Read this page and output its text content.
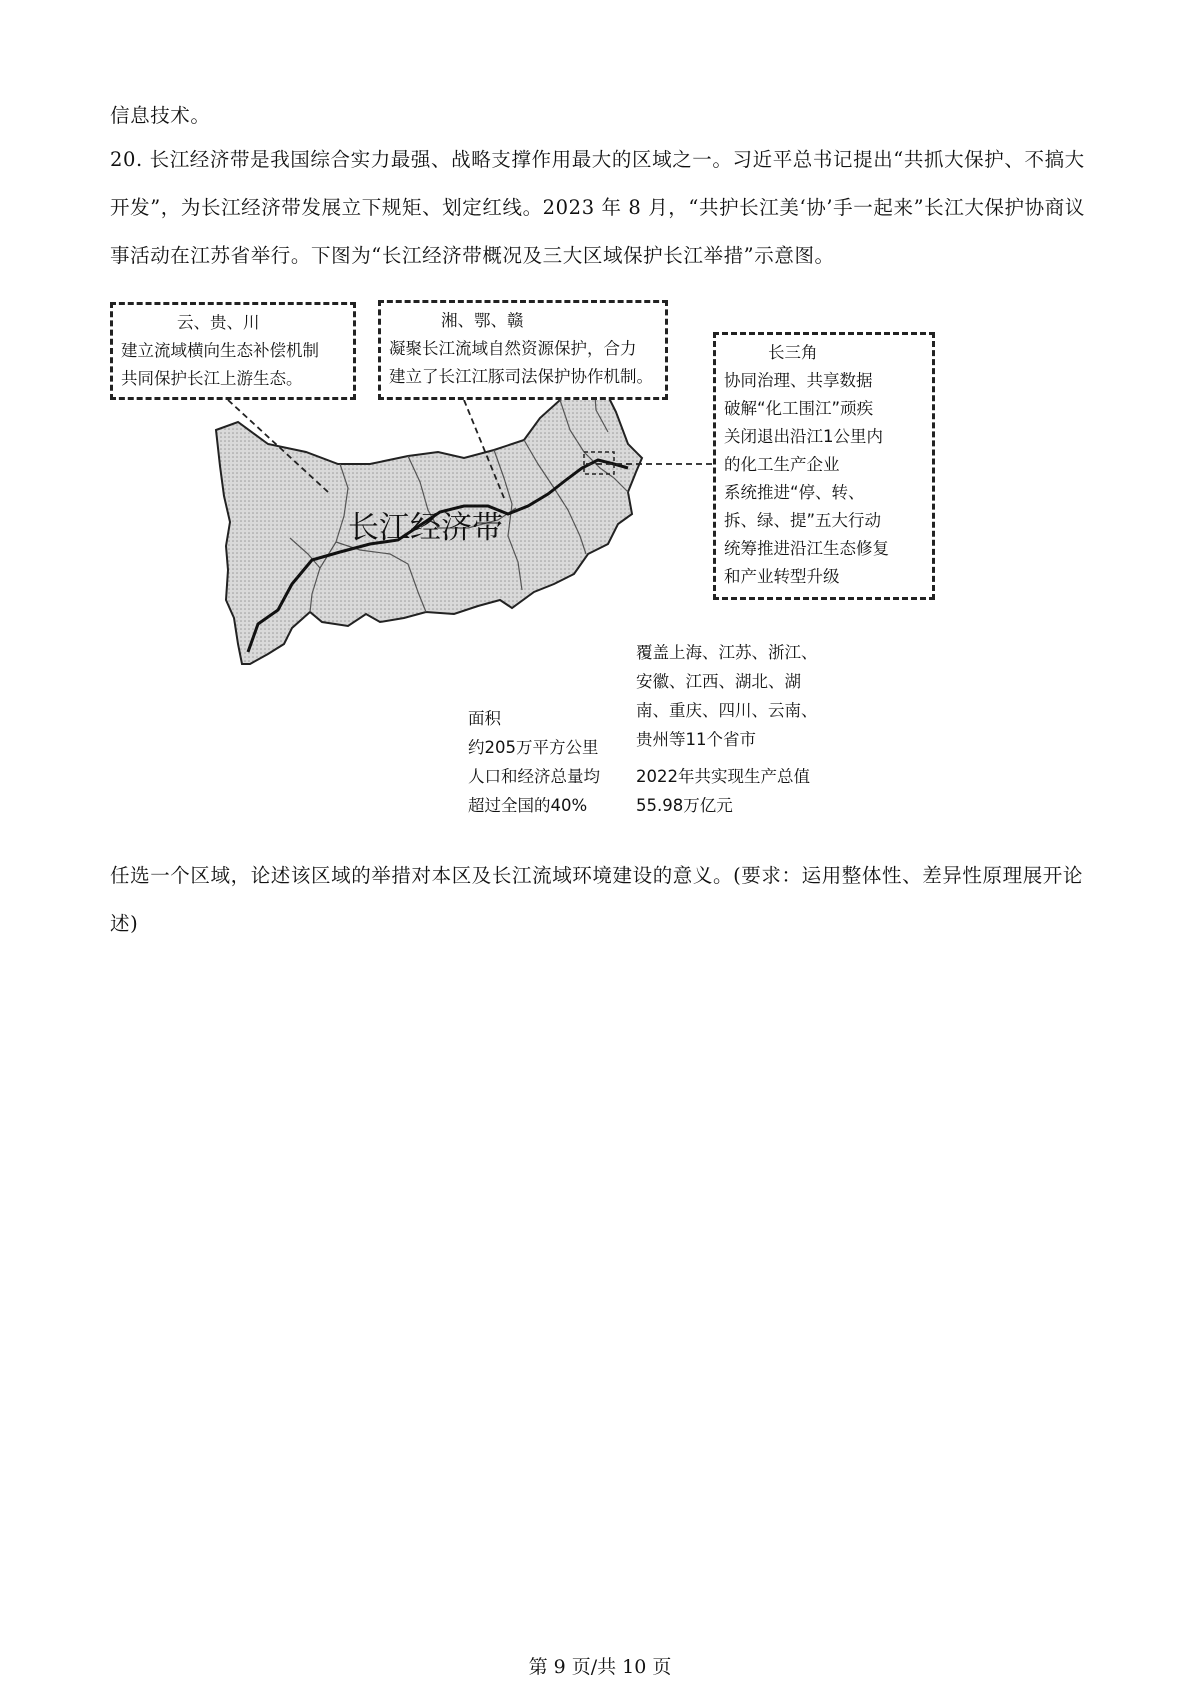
信息技术。
20. 长江经济带是我国综合实力最强、战略支撑作用最大的区域之一。习近平总书记提出“共抓大保护、不搞大开发”，为长江经济带发展立下规矩、划定红线。2023 年 8 月，“共护长江美‘协’手一起来”长江大保护协商议事活动在江苏省举行。下图为“长江经济带概况及三大区域保护长江举措”示意图。
长江经济带
云、贵、川
建立流域横向生态补偿机制
共同保护长江上游生态。
湘、鄂、赣
凝聚长江流域自然资源保护，合力
建立了长江江豚司法保护协作机制。
长三角
协同治理、共享数据
破解“化工围江”顽疾
关闭退出沿江1公里内
的化工生产企业
系统推进“停、转、
拆、绿、提”五大行动
统筹推进沿江生态修复
和产业转型升级
覆盖上海、江苏、浙江、
安徽、江西、湖北、湖
南、重庆、四川、云南、
贵州等11个省市
面积
约205万平方公里
人口和经济总量均
超过全国的40%
2022年共实现生产总值
55.98万亿元
任选一个区域，论述该区域的举措对本区及长江流域环境建设的意义。(要求：运用整体性、差异性原理展开论述)
第 9 页/共 10 页
